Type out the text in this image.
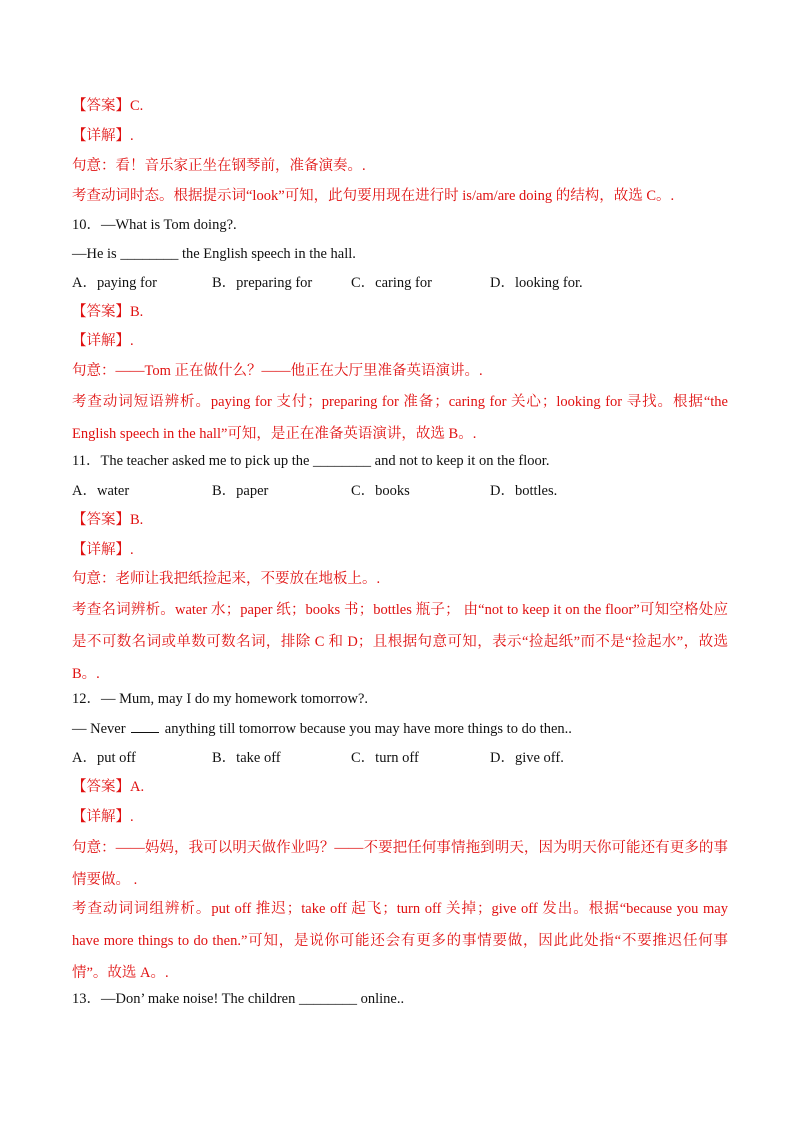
【答案】C.
【详解】.
句意：看！音乐家正坐在钢琴前，准备演奏。.
考查动词时态。根据提示词“look”可知，此句要用现在进行时 is/am/are doing 的结构，故选 C。.
10．—What is Tom doing?.
—He is ________ the English speech in the hall.
A．paying for	B．preparing for	C．caring for	D．looking for.
【答案】B.
【详解】.
句意：——Tom 正在做什么？——他正在大厅里准备英语演讲。.
考查动词短语辨析。paying for 支付；preparing for 准备；caring for 关心；looking for 寻找。根据“the English speech in the hall”可知，是正在准备英语演讲，故选 B。.
11．The teacher asked me to pick up the ________ and not to keep it on the floor.
A．water	B．paper	C．books	D．bottles.
【答案】B.
【详解】.
句意：老师让我把纸捡起来，不要放在地板上。.
考查名词辨析。water 水；paper 纸；books 书；bottles 瓶子； 由“not to keep it on the floor”可知空格处应是不可数名词或单数可数名词，排除 C 和 D；且根据句意可知，表示“捡起纸”而不是“捡起水”，故选 B。.
12．— Mum, may I do my homework tomorrow?.
— Never	anything till tomorrow because you may have more things to do then..
A．put off	B．take off	C．turn off	D．give off.
【答案】A.
【详解】.
句意：——妈妈，我可以明天做作业吗？——不要把任何事情拖到明天，因为明天你可能还有更多的事情要做。 .
考查动词词组辨析。put off 推迟；take off 起飞；turn off 关掉；give off 发出。根据“because you may have more things to do then.”可知，是说你可能还会有更多的事情要做，因此此处指“不要推迟任何事情”。故选 A。.
13．—Don’ make noise! The children ________ online..
